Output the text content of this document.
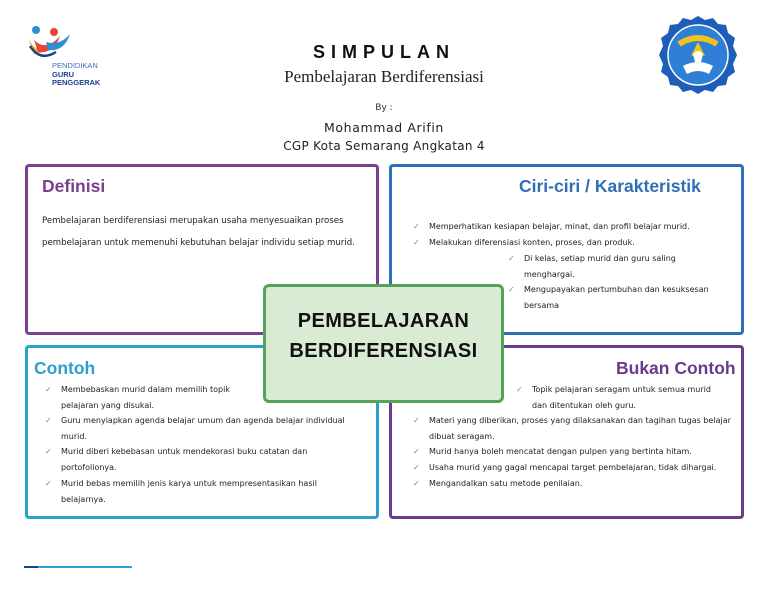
PENDIDIKAN
GURU
PENGGERAK
SIMPULAN
Pembelajaran Berdiferensiasi
By :
Mohammad Arifin
CGP Kota Semarang Angkatan 4
Definisi	Ciri-ciri / Karakteristik
Contoh	Bukan Contoh
Pembelajaran berdiferensiasi merupakan usaha menyesuaikan proses pembelajaran untuk memenuhi kebutuhan belajar individu setiap murid.
✓ Memperhatikan kesiapan belajar, minat, dan profil belajar murid.
✓ Melakukan diferensiasi konten, proses, dan produk.
✓ Di kelas, setiap murid dan guru saling menghargai.
✓ Mengupayakan pertumbuhan dan kesuksesan bersama
✓ Membebaskan murid dalam memilih topik pelajaran yang disukai.
✓ Guru menyiapkan agenda belajar umum dan agenda belajar individual murid.
✓ Murid diberi kebebasan untuk mendekorasi buku catatan dan portofolionya.
✓ Murid bebas memilih jenis karya untuk mempresentasikan hasil belajarnya.
✓ Topik pelajaran seragam untuk semua murid dan ditentukan oleh guru.
✓ Materi yang diberikan, proses yang dilaksanakan dan tagihan tugas belajar dibuat seragam.
✓ Murid hanya boleh mencatat dengan pulpen yang bertinta hitam.
✓ Usaha murid yang gagal mencapai target pembelajaran, tidak dihargai.
✓ Mengandalkan satu metode penilaian.
PEMBELAJARAN
BERDIFERENSIASI
